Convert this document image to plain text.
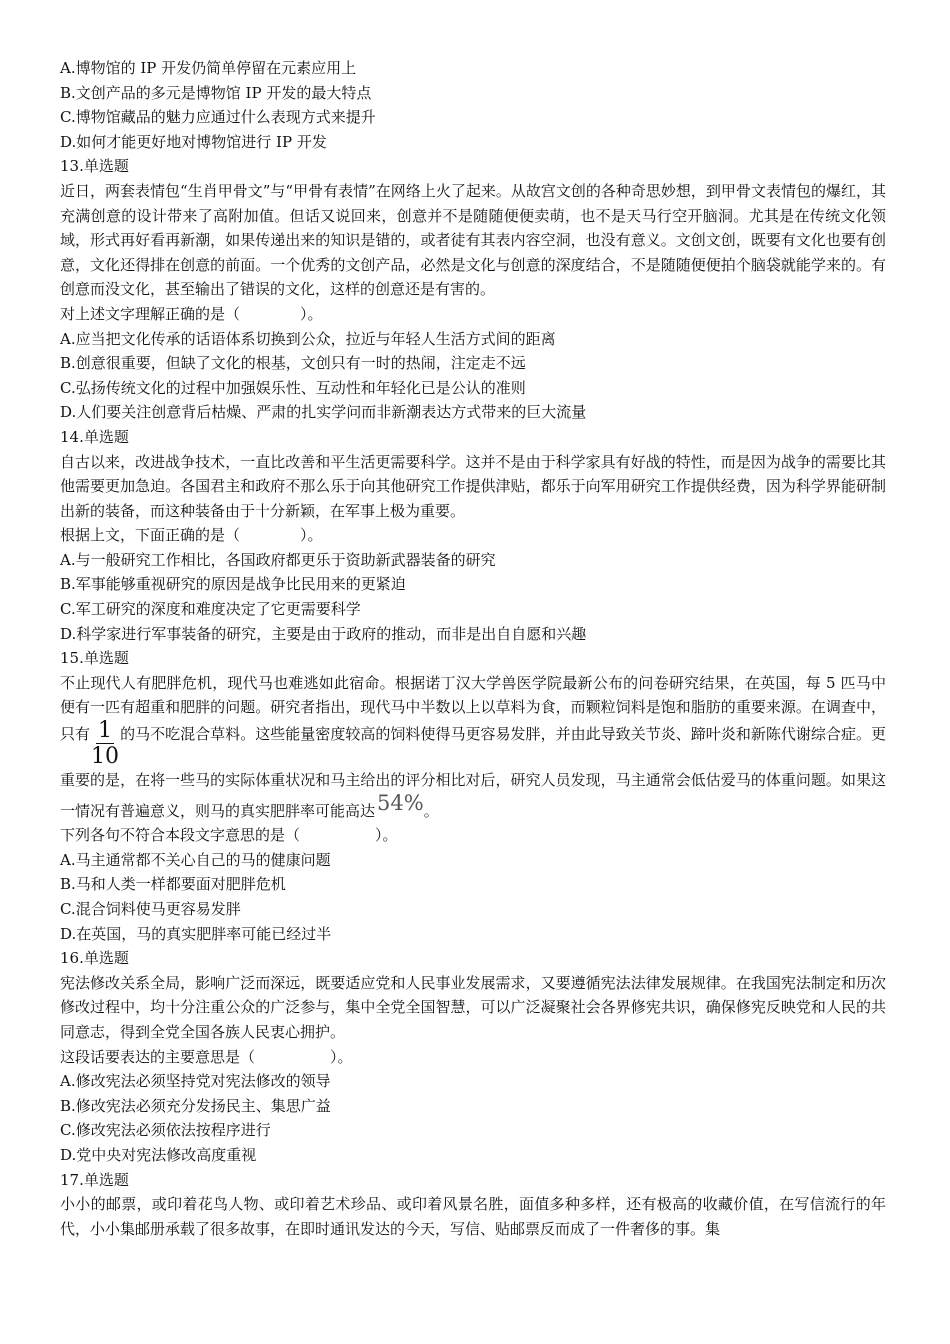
A.博物馆的 IP 开发仍简单停留在元素应用上

B.文创产品的多元是博物馆 IP 开发的最大特点

C.博物馆藏品的魅力应通过什么表现方式来提升

D.如何才能更好地对博物馆进行 IP 开发

13.单选题

近日，两套表情包“生肖甲骨文”与“甲骨有表情”在网络上火了起来。从故宫文创的各种奇思妙想，到甲骨文表情包的爆红，其充满创意的设计带来了高附加值。但话又说回来，创意并不是随随便便卖萌，也不是天马行空开脑洞。尤其是在传统文化领域，形式再好看再新潮，如果传递出来的知识是错的，或者徒有其表内容空洞，也没有意义。文创文创，既要有文化也要有创意，文化还得排在创意的前面。一个优秀的文创产品，必然是文化与创意的深度结合，不是随随便便拍个脑袋就能学来的。有创意而没文化，甚至输出了错误的文化，这样的创意还是有害的。

对上述文字理解正确的是（　　　　）。

A.应当把文化传承的话语体系切换到公众，拉近与年轻人生活方式间的距离

B.创意很重要，但缺了文化的根基，文创只有一时的热闹，注定走不远

C.弘扬传统文化的过程中加强娱乐性、互动性和年轻化已是公认的准则

D.人们要关注创意背后枯燥、严肃的扎实学问而非新潮表达方式带来的巨大流量

14.单选题

自古以来，改进战争技术，一直比改善和平生活更需要科学。这并不是由于科学家具有好战的特性，而是因为战争的需要比其他需要更加急迫。各国君主和政府不那么乐于向其他研究工作提供津贴，都乐于向军用研究工作提供经费，因为科学界能研制出新的装备，而这种装备由于十分新颖，在军事上极为重要。

根据上文，下面正确的是（　　　　）。

A.与一般研究工作相比，各国政府都更乐于资助新武器装备的研究

B.军事能够重视研究的原因是战争比民用来的更紧迫

C.军工研究的深度和难度决定了它更需要科学

D.科学家进行军事装备的研究，主要是由于政府的推动，而非是出自自愿和兴趣

15.单选题

不止现代人有肥胖危机，现代马也难逃如此宿命。根据诺丁汉大学兽医学院最新公布的问卷研究结果，在英国，每 5 匹马中便有一匹有超重和肥胖的问题。研究者指出，现代马中半数以上以草料为食，而颗粒饲料是饱和脂肪的重要来源。在调查中，只有 $\frac{1}{10}$ 的马不吃混合草料。这些能量密度较高的饲料使得马更容易发胖，并由此导致关节炎、蹄叶炎和新陈代谢综合症。更重要的是，在将一些马的实际体重状况和马主给出的评分相比对后，研究人员发现，马主通常会低估爱马的体重问题。如果这一情况有普遍意义，则马的真实肥胖率可能高达54%。

下列各句不符合本段文字意思的是（　　　　　）。

A.马主通常都不关心自己的马的健康问题

B.马和人类一样都要面对肥胖危机

C.混合饲料使马更容易发胖

D.在英国，马的真实肥胖率可能已经过半

16.单选题

宪法修改关系全局，影响广泛而深远，既要适应党和人民事业发展需求，又要遵循宪法法律发展规律。在我国宪法制定和历次修改过程中，均十分注重公众的广泛参与，集中全党全国智慧，可以广泛凝聚社会各界修宪共识，确保修宪反映党和人民的共同意志，得到全党全国各族人民衷心拥护。

这段话要表达的主要意思是（　　　　　）。

A.修改宪法必须坚持党对宪法修改的领导

B.修改宪法必须充分发扬民主、集思广益

C.修改宪法必须依法按程序进行

D.党中央对宪法修改高度重视

17.单选题

小小的邮票，或印着花鸟人物、或印着艺术珍品、或印着风景名胜，面值多种多样，还有极高的收藏价值，在写信流行的年代，小小集邮册承载了很多故事，在即时通讯发达的今天，写信、贴邮票反而成了一件奢侈的事。集
